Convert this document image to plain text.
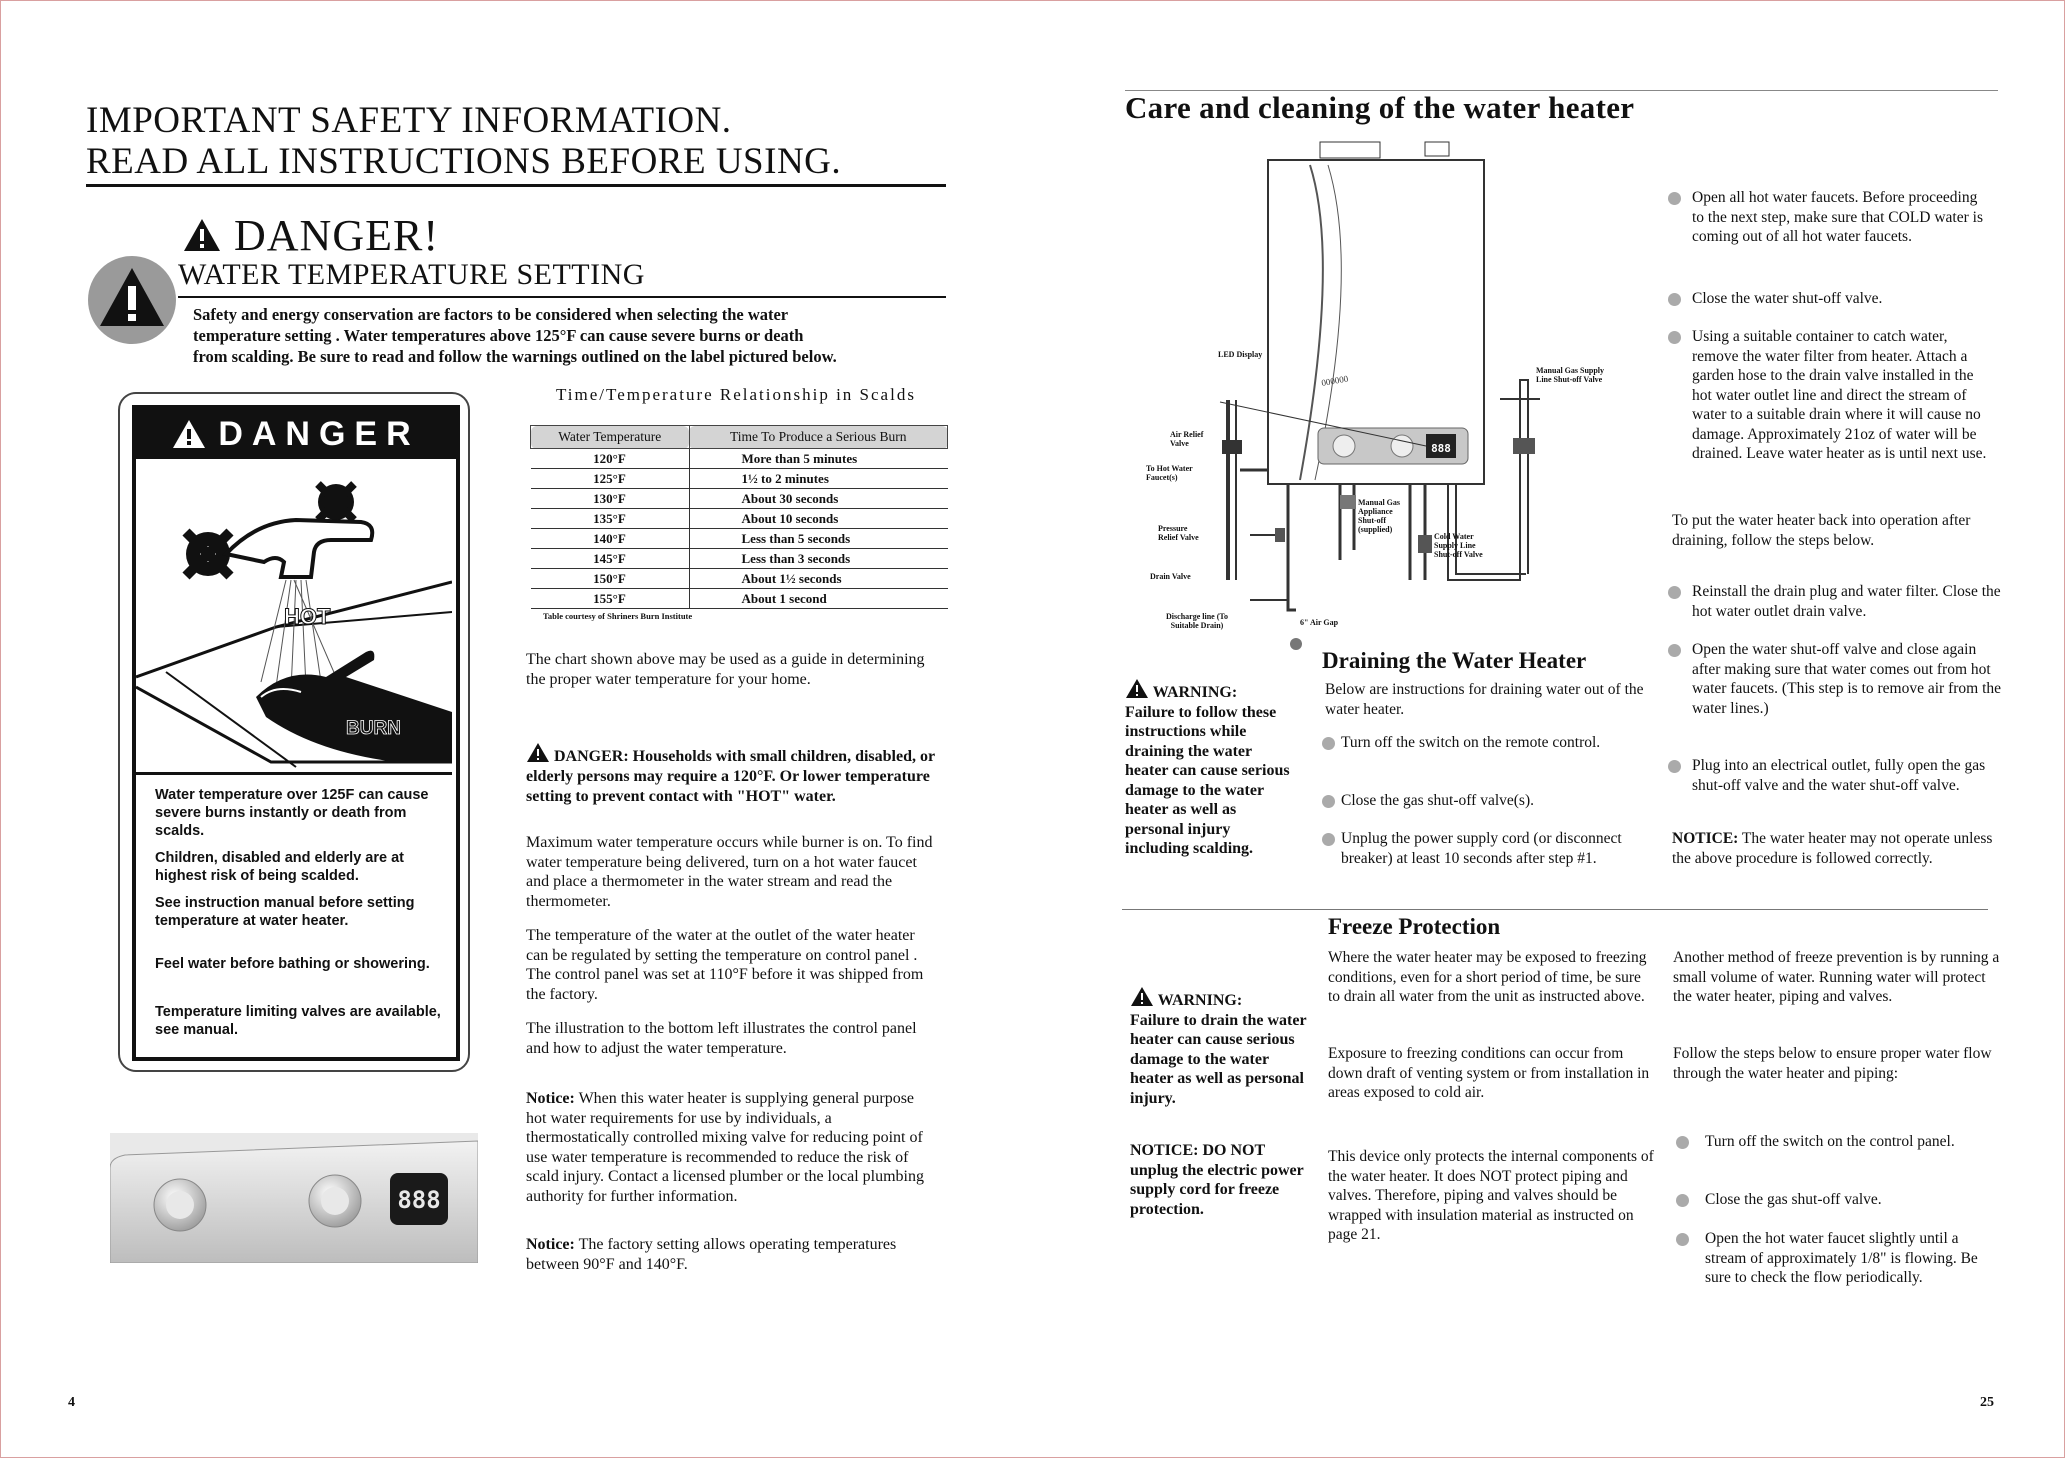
IMPORTANT SAFETY INFORMATION.
READ ALL INSTRUCTIONS BEFORE USING.
DANGER!
WATER TEMPERATURE SETTING
Safety and energy conservation are factors to be considered when selecting the water
temperature setting . Water temperatures above 125°F can cause severe burns or death
from scalding. Be sure to read and follow the warnings outlined on the label pictured below.
DANGER
HOT
BURN
Water temperature over 125F can cause severe burns instantly or death from scalds.
Children, disabled and elderly are at highest risk of being scalded.
See instruction manual before setting temperature at water heater.
Feel water before bathing or showering.
Temperature limiting valves are available, see manual.
Time/Temperature Relationship in Scalds
Water Temperature	Time To Produce a Serious Burn
120°F	More than 5 minutes
125°F	1½ to 2 minutes
130°F	About 30 seconds
135°F	About 10 seconds
140°F	Less than 5 seconds
145°F	Less than 3 seconds
150°F	About 1½ seconds
155°F	About 1 second
Table courtesy of Shriners Burn Institute
The chart shown above may be used as a guide in determining the proper water temperature for your home.
DANGER: Households with small children, disabled, or elderly persons may require a 120°F. Or lower temperature setting to prevent contact with "HOT" water.
Maximum water temperature occurs while burner is on. To find water temperature being delivered, turn on a hot water faucet and place a thermometer in the water stream and read the thermometer.
The temperature of the water at the outlet of the water heater can be regulated by setting the temperature on control panel . The control panel was set at 110°F before it was shipped from the factory.
The illustration to the bottom left illustrates the control panel and how to adjust the water temperature.
Notice: When this water heater is supplying general purpose hot water requirements for use by individuals, a thermostatically controlled mixing valve for reducing point of use water temperature is recommended to reduce the risk of scald injury. Contact a licensed plumber or the local plumbing authority for further information.
Notice: The factory setting allows operating temperatures between 90°F and 140°F.
888
4
Care and cleaning of the water heater
000000
888
LED Display
Manual Gas Supply Line Shut-off Valve
Air Relief Valve
To Hot Water Faucet(s)
Pressure Relief Valve
Drain Valve
Discharge line (To Suitable Drain)	6" Air Gap
Manual Gas Appliance Shut-off (supplied)
Cold Water Supply Line Shut-off Valve
Open all hot water faucets. Before proceeding to the next step, make sure that COLD water is coming out of all hot water faucets.
Close the water shut-off valve.
Using a suitable container to catch water, remove the water filter from heater. Attach a garden hose to the drain valve installed in the hot water outlet line and direct the stream of water to a suitable drain where it will cause no damage. Approximately 21oz of water will be drained. Leave water heater as is until next use.
To put the water heater back into operation after draining, follow the steps below.
Reinstall the drain plug and water filter. Close the hot water outlet drain valve.
Open the water shut-off valve and close again after making sure that water comes out from hot water faucets. (This step is to remove air from the water lines.)
Plug into an electrical outlet, fully open the gas shut-off valve and the water shut-off valve.
NOTICE: The water heater may not operate unless the above procedure is followed correctly.
Draining the Water Heater
Below are instructions for draining water out of the water heater.
Turn off the switch on the remote control.
Close the gas shut-off valve(s).
Unplug the power supply cord (or disconnect breaker) at least 10 seconds after step #1.
WARNING:
Failure to follow these instructions while draining the water heater can cause serious damage to the water heater as well as personal injury including scalding.
Freeze Protection
Where the water heater may be exposed to freezing conditions, even for a short period of time, be sure to drain all water from the unit as instructed above.
Exposure to freezing conditions can occur from down draft of venting system or from installation in areas exposed to cold air.
This device only protects the internal components of the water heater. It does NOT protect piping and valves. Therefore, piping and valves should be wrapped with insulation material as instructed on page 21.
Another method of freeze prevention is by running a small volume of water. Running water will protect the water heater, piping and valves.
Follow the steps below to ensure proper water flow through the water heater and piping:
Turn off the switch on the control panel.
Close the gas shut-off valve.
Open the hot water faucet slightly until a stream of approximately 1/8" is flowing. Be sure to check the flow periodically.
WARNING:
Failure to drain the water heater can cause serious damage to the water heater as well as personal injury.
NOTICE: DO NOT unplug the electric power supply cord for freeze protection.
25
